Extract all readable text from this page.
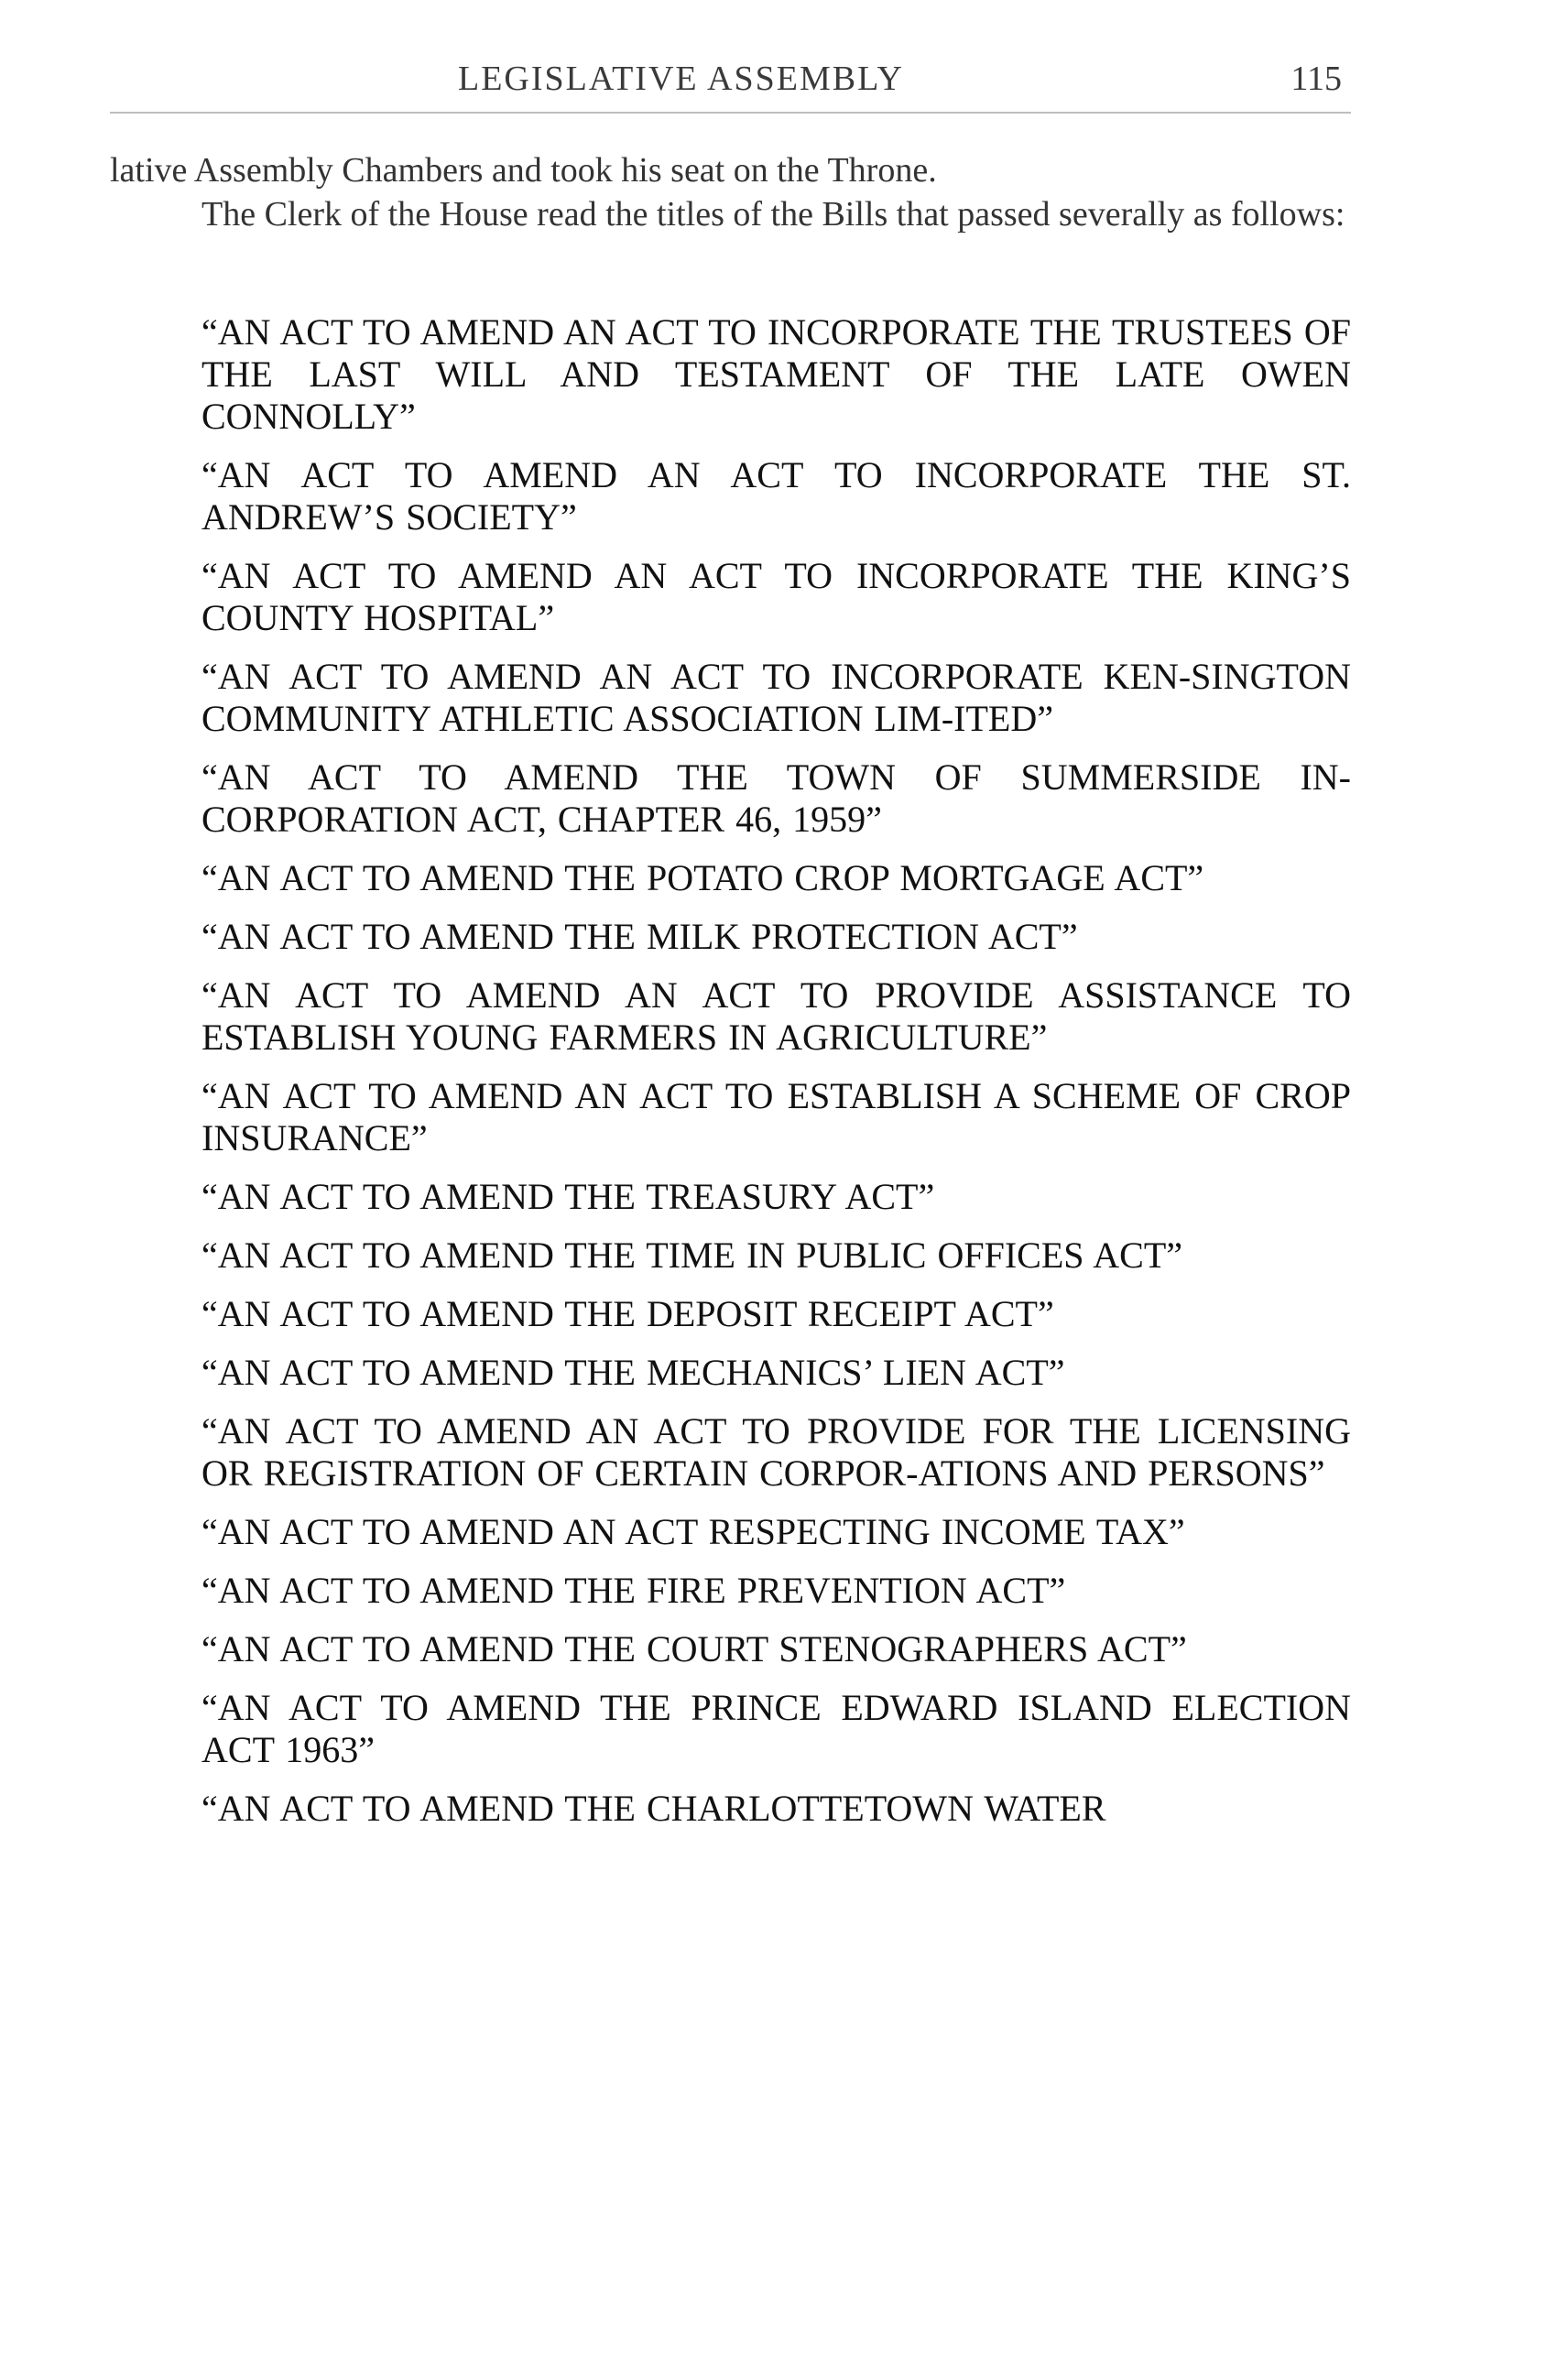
LEGISLATIVE ASSEMBLY	115

lative Assembly Chambers and took his seat on the Throne.

The Clerk of the House read the titles of the Bills that passed severally as follows:

“AN ACT TO AMEND AN ACT TO INCORPORATE THE TRUSTEES OF THE LAST WILL AND TESTAMENT OF THE LATE OWEN CONNOLLY”
“AN ACT TO AMEND AN ACT TO INCORPORATE THE ST. ANDREW’S SOCIETY”
“AN ACT TO AMEND AN ACT TO INCORPORATE THE KING’S COUNTY HOSPITAL”
“AN ACT TO AMEND AN ACT TO INCORPORATE KEN-SINGTON COMMUNITY ATHLETIC ASSOCIATION LIM-ITED”
“AN ACT TO AMEND THE TOWN OF SUMMERSIDE IN-CORPORATION ACT, CHAPTER 46, 1959”
“AN ACT TO AMEND THE POTATO CROP MORTGAGE ACT”
“AN ACT TO AMEND THE MILK PROTECTION ACT”
“AN ACT TO AMEND AN ACT TO PROVIDE ASSISTANCE TO ESTABLISH YOUNG FARMERS IN AGRICULTURE”
“AN ACT TO AMEND AN ACT TO ESTABLISH A SCHEME OF CROP INSURANCE”
“AN ACT TO AMEND THE TREASURY ACT”
“AN ACT TO AMEND THE TIME IN PUBLIC OFFICES ACT”
“AN ACT TO AMEND THE DEPOSIT RECEIPT ACT”
“AN ACT TO AMEND THE MECHANICS’ LIEN ACT”
“AN ACT TO AMEND AN ACT TO PROVIDE FOR THE LICENSING OR REGISTRATION OF CERTAIN CORPOR-ATIONS AND PERSONS”
“AN ACT TO AMEND AN ACT RESPECTING INCOME TAX”
“AN ACT TO AMEND THE FIRE PREVENTION ACT”
“AN ACT TO AMEND THE COURT STENOGRAPHERS ACT”
“AN ACT TO AMEND THE PRINCE EDWARD ISLAND ELECTION ACT 1963”
“AN ACT TO AMEND THE CHARLOTTETOWN WATER
